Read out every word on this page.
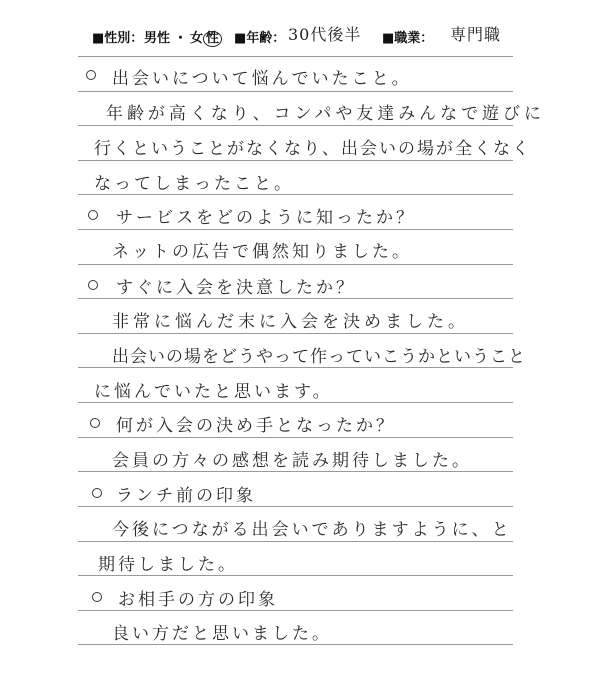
■性別： 男性 ・ 女 性 ■年齢： 30代後半 ■職業： 専門職
出会いについて悩んでいたこと。
年齢が高くなり、コンパや友達みんなで遊びに
行くということがなくなり、出会いの場が全くなく
なってしまったこと。
サービスをどのように知ったか？
ネットの広告で偶然知りました。
すぐに入会を決意したか？
非常に悩んだ末に入会を決めました。
出会いの場をどうやって作っていこうかということ
に悩んでいたと思います。
何が入会の決め手となったか？
会員の方々の感想を読み期待しました。
ランチ前の印象
今後につながる出会いでありますように、と
期待しました。
お相手の方の印象
良い方だと思いました。
